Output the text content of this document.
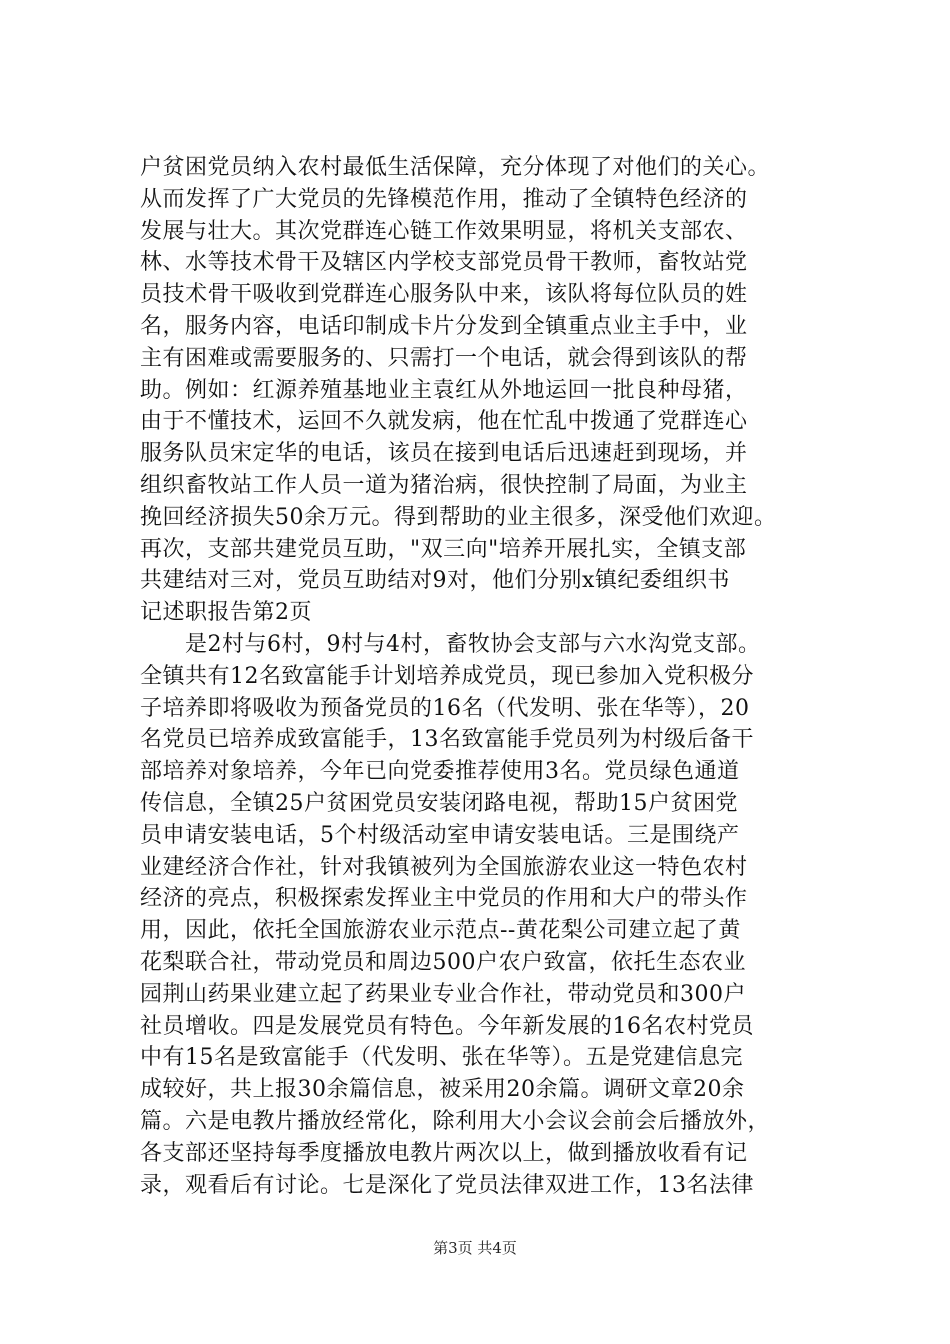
户贫困党员纳入农村最低生活保障，充分体现了对他们的关心。
从而发挥了广大党员的先锋模范作用，推动了全镇特色经济的
发展与壮大。其次党群连心链工作效果明显，将机关支部农、
林、水等技术骨干及辖区内学校支部党员骨干教师，畜牧站党
员技术骨干吸收到党群连心服务队中来，该队将每位队员的姓
名，服务内容，电话印制成卡片分发到全镇重点业主手中，业
主有困难或需要服务的、只需打一个电话，就会得到该队的帮
助。例如：红源养殖基地业主袁红从外地运回一批良种母猪，
由于不懂技术，运回不久就发病，他在忙乱中拨通了党群连心
服务队员宋定华的电话，该员在接到电话后迅速赶到现场，并
组织畜牧站工作人员一道为猪治病，很快控制了局面，为业主
挽回经济损失50余万元。得到帮助的业主很多，深受他们欢迎。
再次，支部共建党员互助，"双三向"培养开展扎实，全镇支部
共建结对三对，党员互助结对9对，他们分别x镇纪委组织书
记述职报告第2页
　　是2村与6村，9村与4村，畜牧协会支部与六水沟党支部。
全镇共有12名致富能手计划培养成党员，现已参加入党积极分
子培养即将吸收为预备党员的16名（代发明、张在华等），20
名党员已培养成致富能手，13名致富能手党员列为村级后备干
部培养对象培养，今年已向党委推荐使用3名。党员绿色通道
传信息，全镇25户贫困党员安装闭路电视，帮助15户贫困党
员申请安装电话，5个村级活动室申请安装电话。三是围绕产
业建经济合作社，针对我镇被列为全国旅游农业这一特色农村
经济的亮点，积极探索发挥业主中党员的作用和大户的带头作
用，因此，依托全国旅游农业示范点--黄花梨公司建立起了黄
花梨联合社，带动党员和周边500户农户致富，依托生态农业
园荆山药果业建立起了药果业专业合作社，带动党员和300户
社员增收。四是发展党员有特色。今年新发展的16名农村党员
中有15名是致富能手（代发明、张在华等）。五是党建信息完
成较好，共上报30余篇信息，被采用20余篇。调研文章20余
篇。六是电教片播放经常化，除利用大小会议会前会后播放外，
各支部还坚持每季度播放电教片两次以上，做到播放收看有记
录，观看后有讨论。七是深化了党员法律双进工作，13名法律
第3页 共4页
